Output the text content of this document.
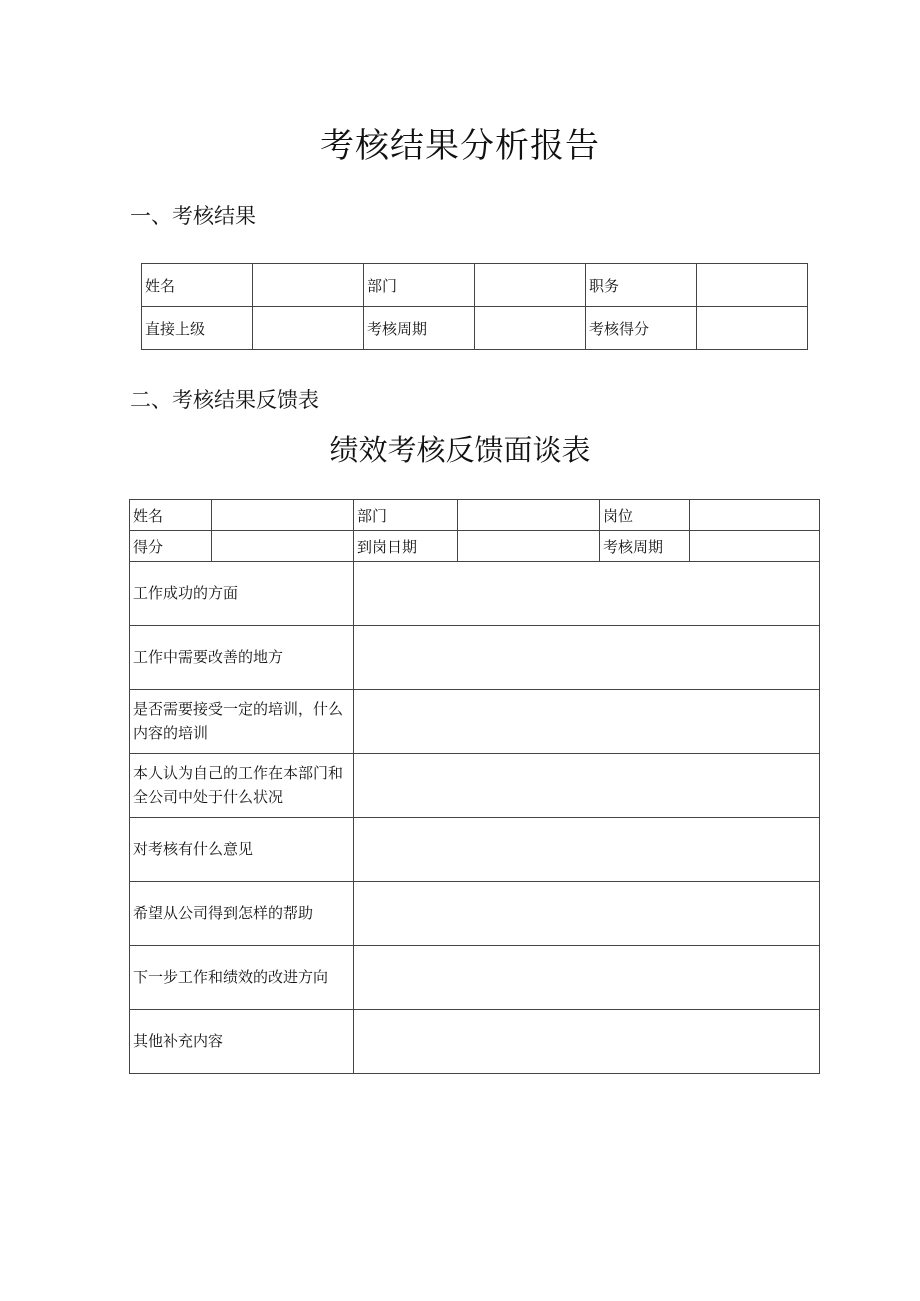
考核结果分析报告
一、考核结果
姓名		部门		职务	
直接上级		考核周期		考核得分	
二、考核结果反馈表
绩效考核反馈面谈表
姓名		部门		岗位	
得分		到岗日期		考核周期	
工作成功的方面					
工作中需要改善的地方					
是否需要接受一定的培训，什么内容的培训					
本人认为自己的工作在本部门和全公司中处于什么状况					
对考核有什么意见					
希望从公司得到怎样的帮助					
下一步工作和绩效的改进方向					
其他补充内容					
